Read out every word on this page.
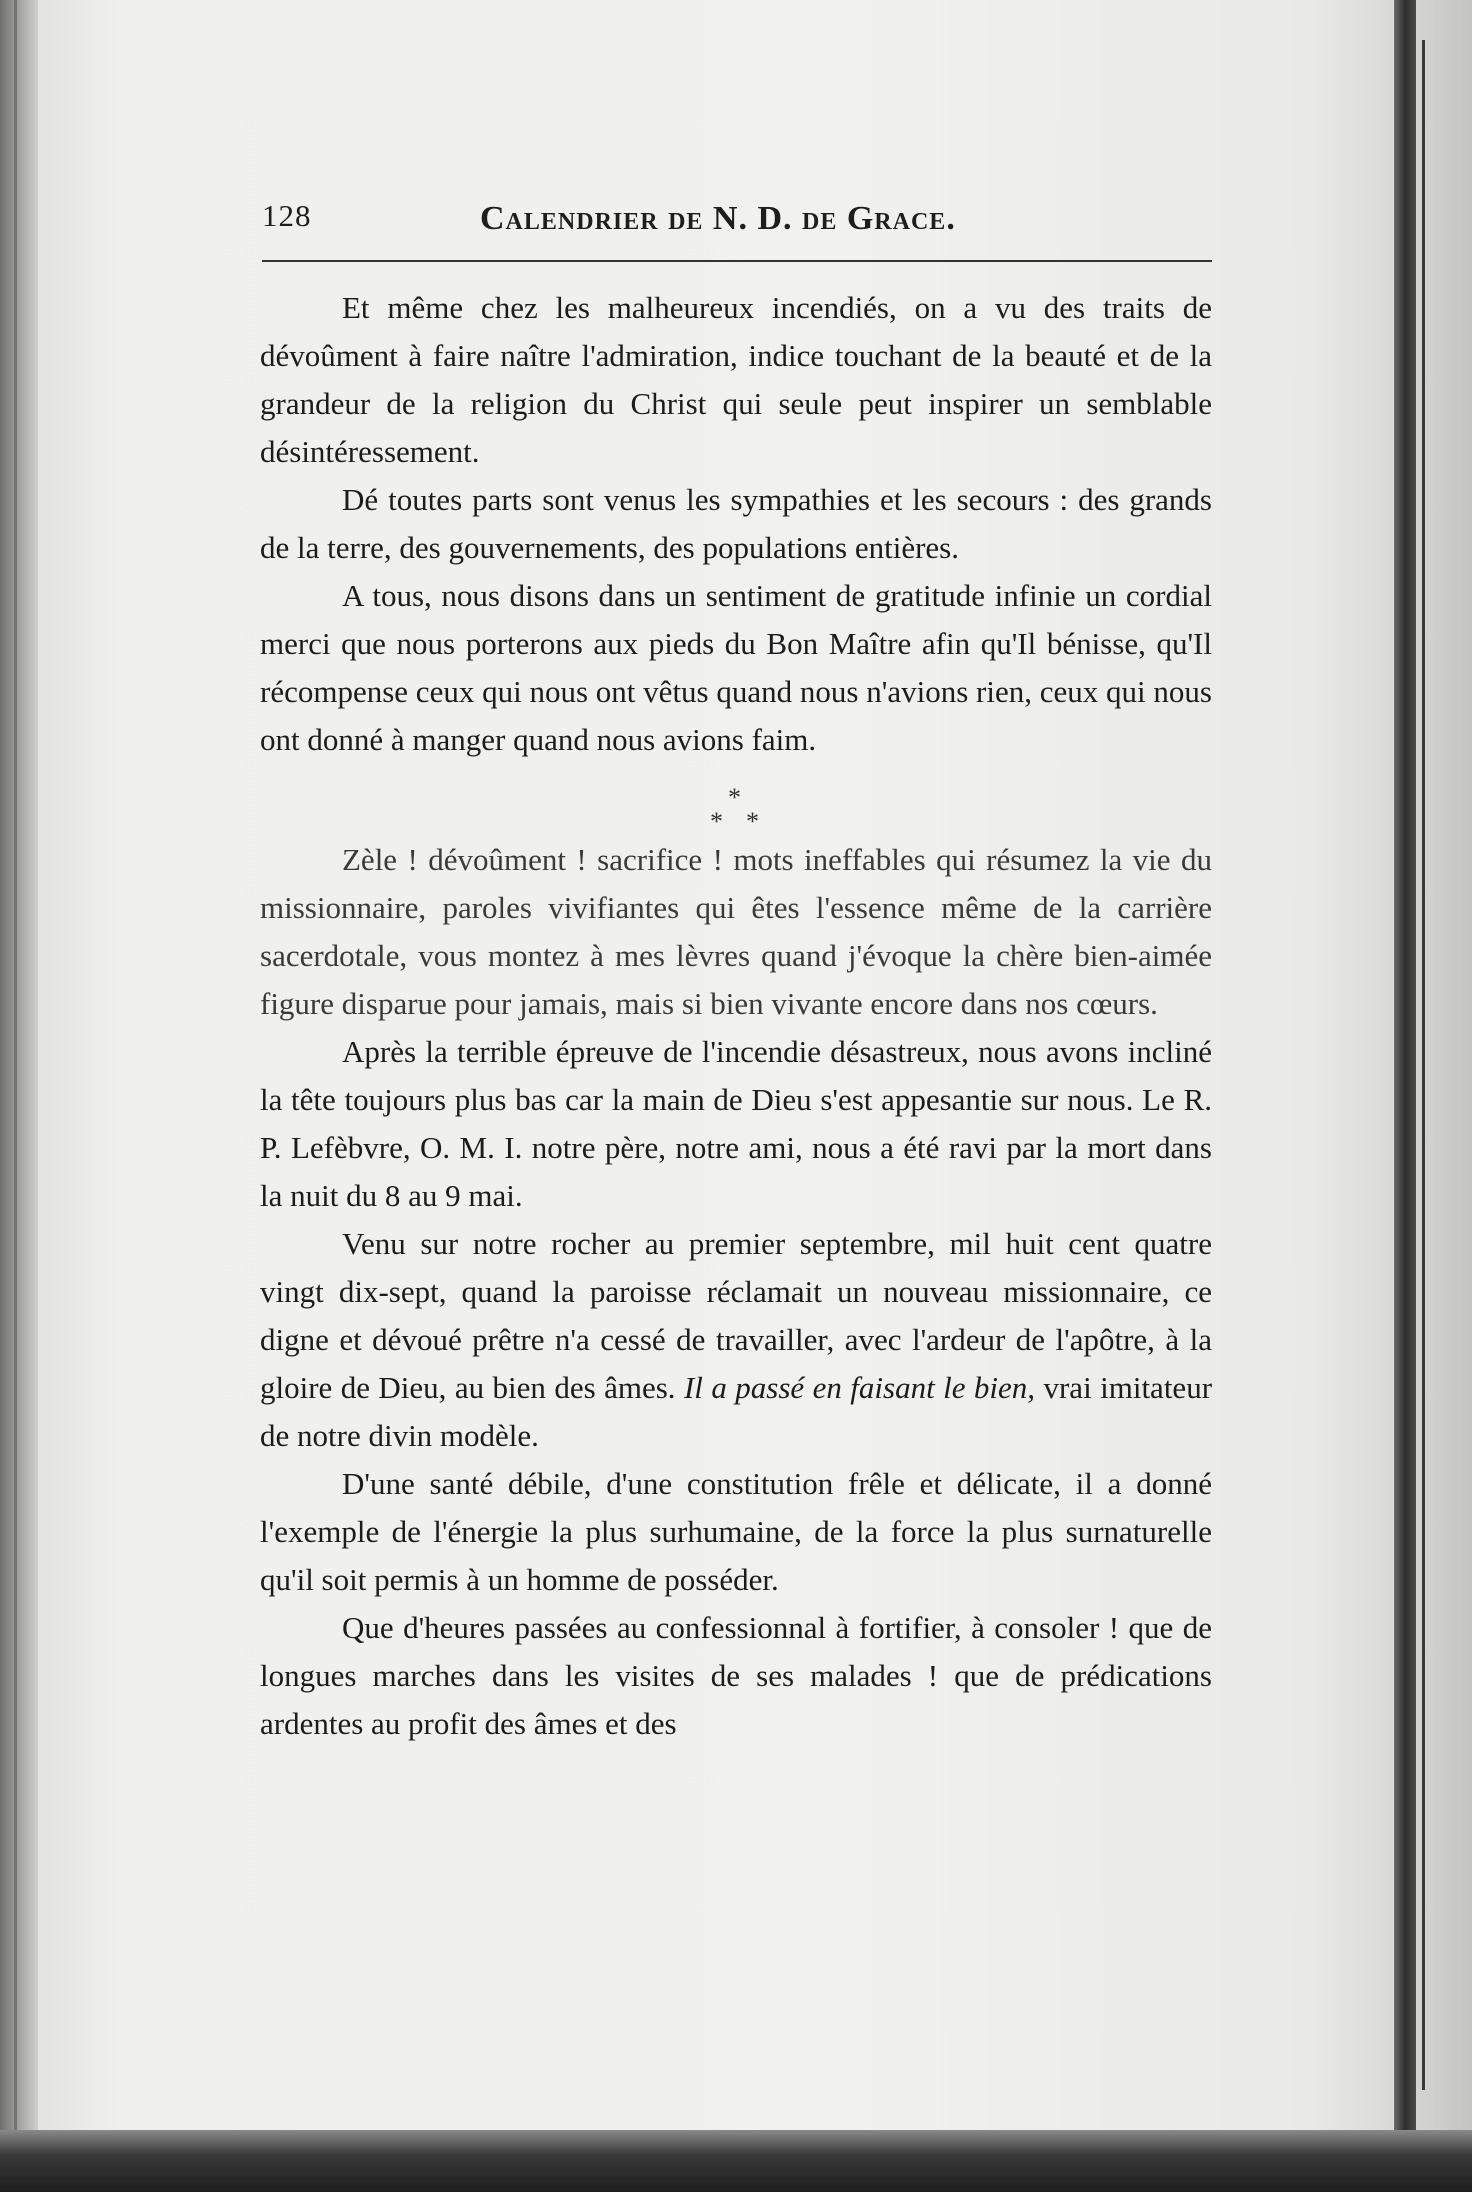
128	Calendrier de N. D. de Grace.

Et même chez les malheureux incendiés, on a vu des traits de dévoûment à faire naître l'admiration, indice touchant de la beauté et de la grandeur de la religion du Christ qui seule peut inspirer un semblable désintéressement.

Dé toutes parts sont venus les sympathies et les secours : des grands de la terre, des gouvernements, des populations entières.

A tous, nous disons dans un sentiment de gratitude infinie un cordial merci que nous porterons aux pieds du Bon Maître afin qu'Il bénisse, qu'Il récompense ceux qui nous ont vêtus quand nous n'avions rien, ceux qui nous ont donné à manger quand nous avions faim.

*
* *

Zèle ! dévoûment ! sacrifice ! mots ineffables qui résumez la vie du missionnaire, paroles vivifiantes qui êtes l'essence même de la carrière sacerdotale, vous montez à mes lèvres quand j'évoque la chère bien-aimée figure disparue pour jamais, mais si bien vivante encore dans nos cœurs.

Après la terrible épreuve de l'incendie désastreux, nous avons incliné la tête toujours plus bas car la main de Dieu s'est appesantie sur nous. Le R. P. Lefèbvre, O. M. I. notre père, notre ami, nous a été ravi par la mort dans la nuit du 8 au 9 mai.

Venu sur notre rocher au premier septembre, mil huit cent quatre vingt dix-sept, quand la paroisse réclamait un nouveau missionnaire, ce digne et dévoué prêtre n'a cessé de travailler, avec l'ardeur de l'apôtre, à la gloire de Dieu, au bien des âmes. Il a passé en faisant le bien, vrai imitateur de notre divin modèle.

D'une santé débile, d'une constitution frêle et délicate, il a donné l'exemple de l'énergie la plus surhumaine, de la force la plus surnaturelle qu'il soit permis à un homme de posséder.

Que d'heures passées au confessionnal à fortifier, à consoler ! que de longues marches dans les visites de ses malades ! que de prédications ardentes au profit des âmes et des
